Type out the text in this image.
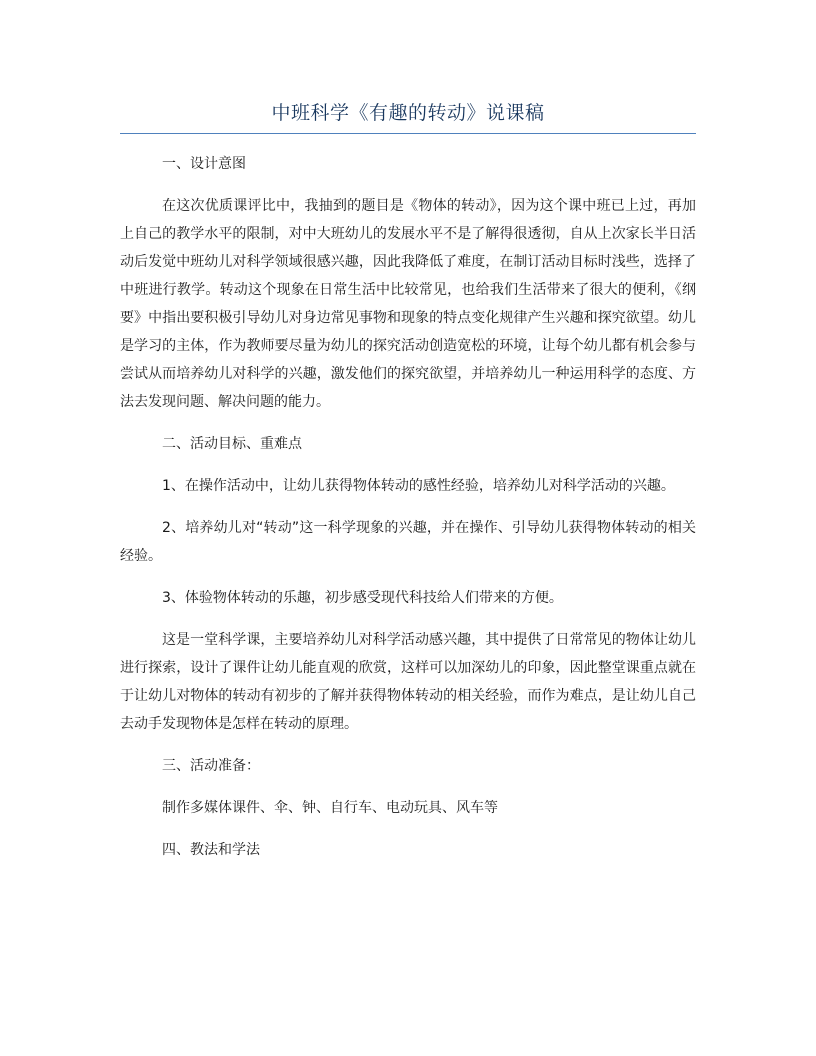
中班科学《有趣的转动》说课稿

一、设计意图

在这次优质课评比中，我抽到的题目是《物体的转动》，因为这个课中班已上过，再加上自己的教学水平的限制，对中大班幼儿的发展水平不是了解得很透彻，自从上次家长半日活动后发觉中班幼儿对科学领域很感兴趣，因此我降低了难度，在制订活动目标时浅些，选择了中班进行教学。转动这个现象在日常生活中比较常见，也给我们生活带来了很大的便利，《纲要》中指出要积极引导幼儿对身边常见事物和现象的特点变化规律产生兴趣和探究欲望。幼儿是学习的主体，作为教师要尽量为幼儿的探究活动创造宽松的环境，让每个幼儿都有机会参与尝试从而培养幼儿对科学的兴趣，激发他们的探究欲望，并培养幼儿一种运用科学的态度、方法去发现问题、解决问题的能力。

二、活动目标、重难点

1、在操作活动中，让幼儿获得物体转动的感性经验，培养幼儿对科学活动的兴趣。

2、培养幼儿对“转动”这一科学现象的兴趣，并在操作、引导幼儿获得物体转动的相关经验。

3、体验物体转动的乐趣，初步感受现代科技给人们带来的方便。

这是一堂科学课，主要培养幼儿对科学活动感兴趣，其中提供了日常常见的物体让幼儿进行探索，设计了课件让幼儿能直观的欣赏，这样可以加深幼儿的印象，因此整堂课重点就在于让幼儿对物体的转动有初步的了解并获得物体转动的相关经验，而作为难点，是让幼儿自己去动手发现物体是怎样在转动的原理。

三、活动准备：

制作多媒体课件、伞、钟、自行车、电动玩具、风车等

四、教法和学法
